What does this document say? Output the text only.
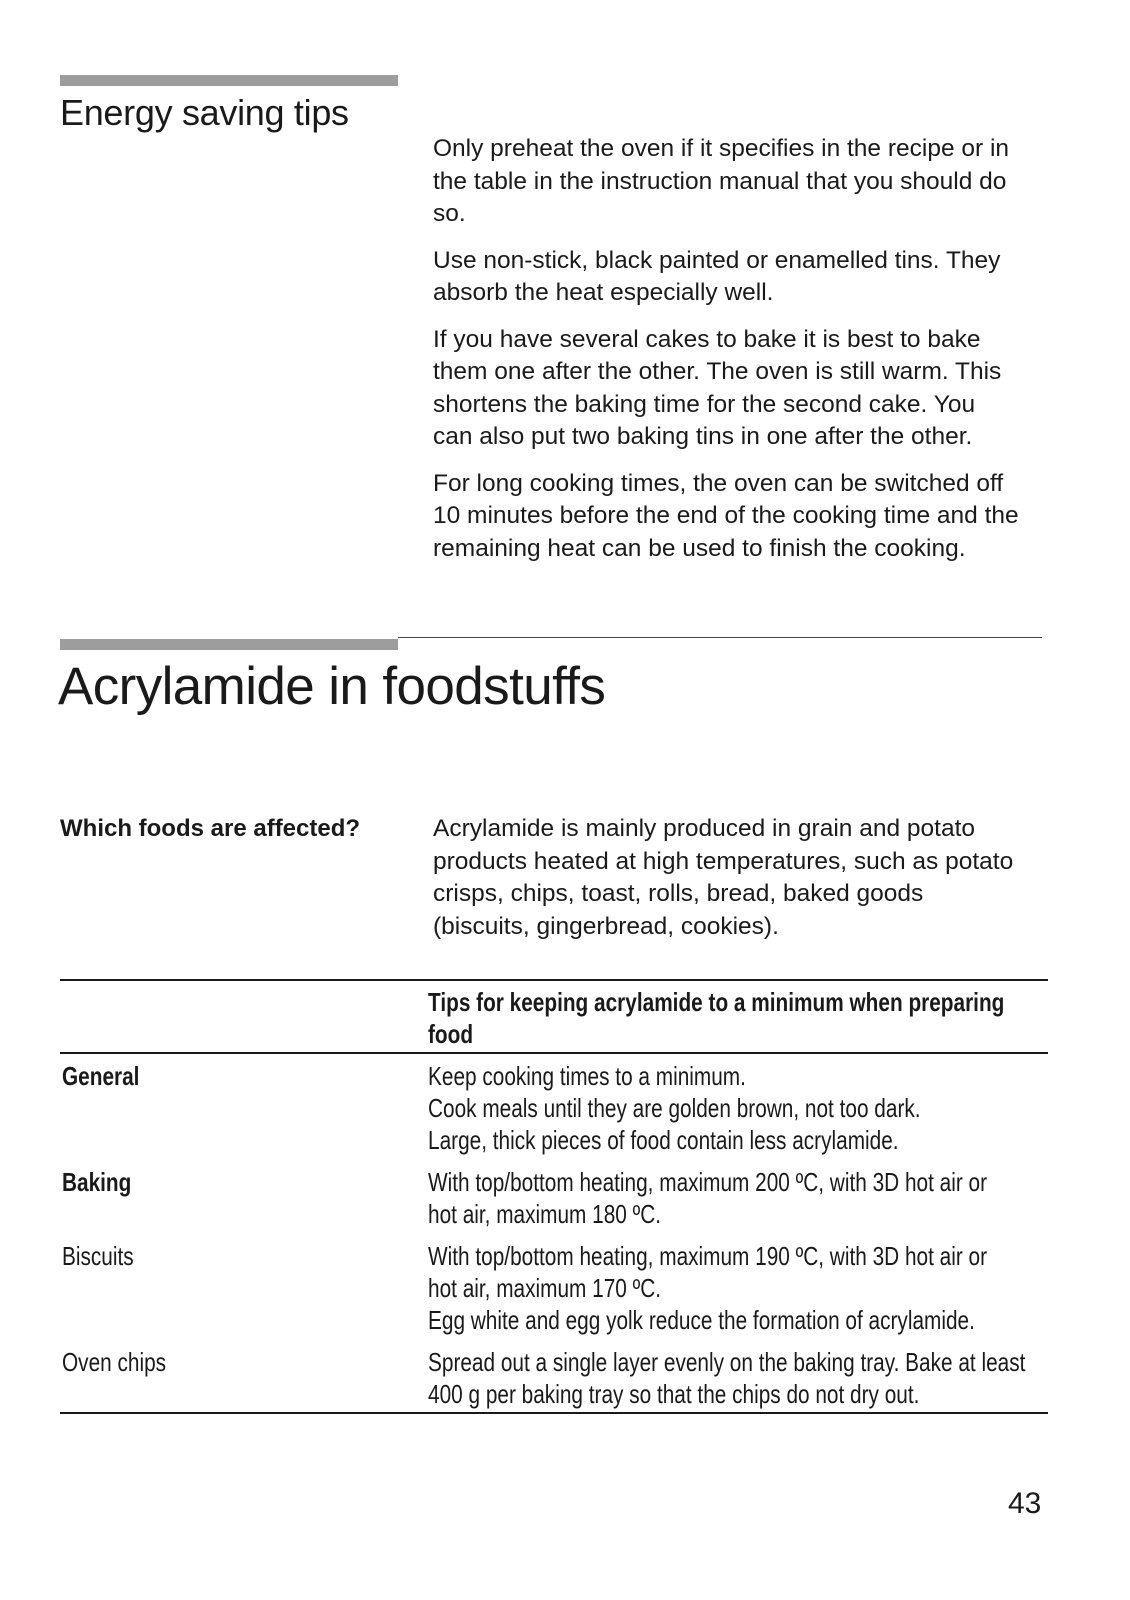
Energy saving tips

Only preheat the oven if it specifies in the recipe or in
the table in the instruction manual that you should do
so.

Use non-stick, black painted or enamelled tins. They
absorb the heat especially well.

If you have several cakes to bake it is best to bake
them one after the other. The oven is still warm. This
shortens the baking time for the second cake. You
can also put two baking tins in one after the other.

For long cooking times, the oven can be switched off
10 minutes before the end of the cooking time and the
remaining heat can be used to finish the cooking.

Acrylamide in foodstuffs
Which foods are affected?	Acrylamide is mainly produced in grain and potato
products heated at high temperatures, such as potato
crisps, chips, toast, rolls, bread, baked goods
(biscuits, gingerbread, cookies).
Tips for keeping acrylamide to a minimum when preparing
food
General	Keep cooking times to a minimum.
Cook meals until they are golden brown, not too dark.
Large, thick pieces of food contain less acrylamide.
Baking	With top/bottom heating, maximum 200 ºC, with 3D hot air or
hot air, maximum 180 ºC.
Biscuits	With top/bottom heating, maximum 190 ºC, with 3D hot air or
hot air, maximum 170 ºC.
Egg white and egg yolk reduce the formation of acrylamide.
Oven chips	Spread out a single layer evenly on the baking tray. Bake at least
400 g per baking tray so that the chips do not dry out.
43
